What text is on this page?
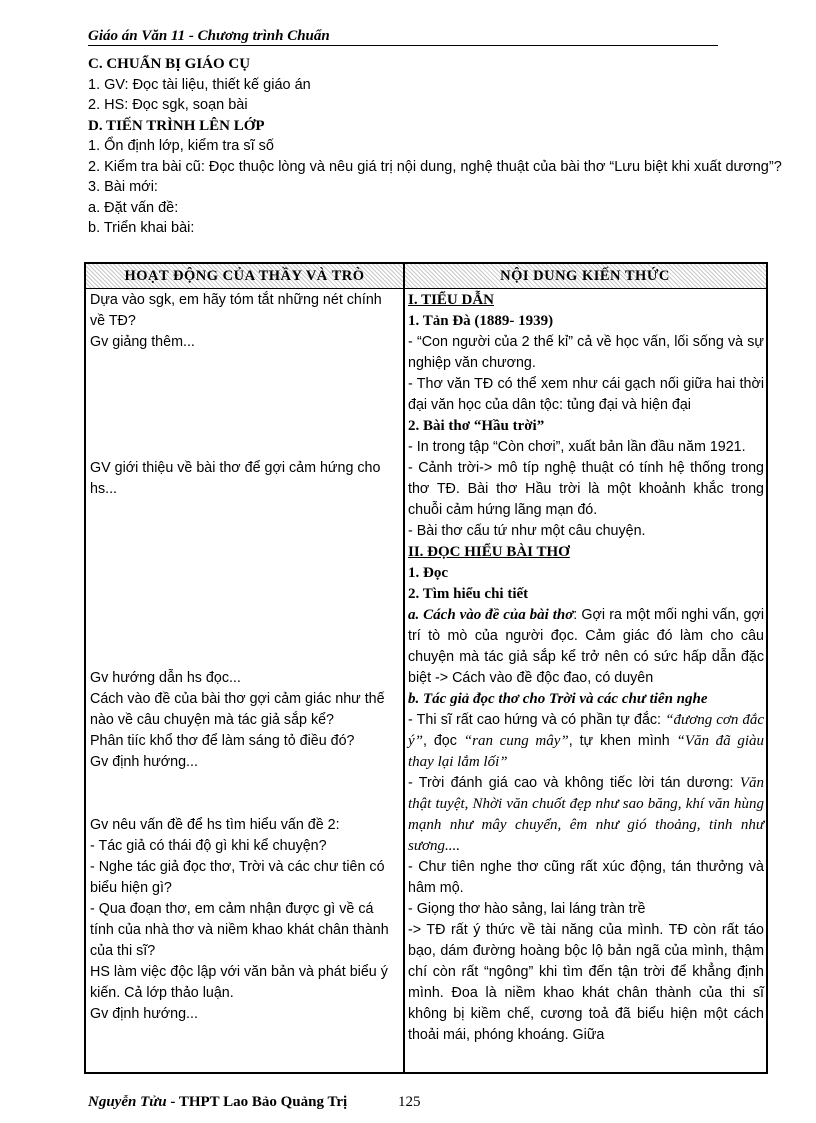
Giáo án Văn 11 - Chương trình Chuẩn
C. CHUẨN BỊ GIÁO CỤ
1. GV: Đọc tài liệu, thiết kế giáo án
2. HS: Đọc sgk, soạn bài
D. TIẾN TRÌNH LÊN LỚP
1. Ổn định lớp, kiểm tra sĩ số
2. Kiểm tra bài cũ: Đọc thuộc lòng và nêu giá trị nội dung, nghệ thuật của bài thơ “Lưu biệt khi xuất dương”?
3. Bài mới:
a. Đặt vấn đề:
b. Triển khai bài:
HOẠT ĐỘNG CỦA THẦY VÀ TRÒ	NỘI DUNG KIẾN THỨC
Dựa vào sgk, em hãy tóm tắt những nét chính về TĐ?
Gv giảng thêm...
GV giới thiệu về bài thơ để gợi cảm hứng cho hs...
Gv hướng dẫn hs đọc...
Cách vào đề của bài thơ gợi cảm giác như thế nào về câu chuyện mà tác giả sắp kể?
Phân tiíc khổ thơ để làm sáng tỏ điều đó?
Gv định hướng...
Gv nêu vấn đề để hs tìm hiểu vấn đề 2:
- Tác giả có thái độ gì khi kể chuyện?
- Nghe tác giả đọc thơ, Trời và các chư tiên có biểu hiện gì?
- Qua đoạn thơ, em cảm nhận được gì về cá tính của nhà thơ và niềm khao khát chân thành của thi sĩ?
HS làm việc độc lập với văn bản và phát biểu ý kiến. Cả lớp thảo luận.
Gv định hướng...
I. TIỂU DẪN
1. Tản Đà (1889- 1939)
- “Con người của 2 thế kỉ” cả về học vấn, lối sống và sự nghiệp văn chương.
- Thơ văn TĐ có thể xem như cái gạch nối giữa hai thời đại văn học của dân tộc: tủng đại và hiện đại
2. Bài thơ “Hầu trời”
- In trong tập “Còn chơi”, xuất bản lần đầu năm 1921.
- Cảnh trời-> mô típ nghệ thuật có tính hệ thống trong thơ TĐ. Bài thơ Hầu trời là một khoảnh khắc trong chuỗi cảm hứng lãng mạn đó.
- Bài thơ cấu tứ như một câu chuyện.
II. ĐỌC HIỂU BÀI THƠ
1. Đọc
2. Tìm hiểu chi tiết
a. Cách vào đề của bài thơ: Gợi ra một mối nghi vấn, gợi trí tò mò của người đọc. Cảm giác đó làm cho câu chuyện mà tác giả sắp kể trở nên có sức hấp dẫn đặc biệt -> Cách vào đề độc đao, có duyên
b. Tác giả đọc thơ cho Trời và các chư tiên nghe
- Thi sĩ rất cao hứng và có phần tự đắc: “đương cơn đắc ý”, đọc “ran cung mây”, tự khen mình “Văn đã giàu thay lại lắm lối”
- Trời đánh giá cao và không tiếc lời tán dương: Văn thật tuyệt, Nhời văn chuốt đẹp như sao băng, khí văn hùng mạnh như mây chuyển, êm như gió thoảng, tinh như sương....
- Chư tiên nghe thơ cũng rất xúc động, tán thưởng và hâm mộ.
- Giọng thơ hào sảng, lai láng tràn trề
-> TĐ rất ý thức về tài năng của mình. TĐ còn rất táo bạo, dám đường hoàng bộc lộ bản ngã của mình, thậm chí còn rất “ngông” khi tìm đến tận trời để khẳng định mình. Đoa là niềm khao khát chân thành của thi sĩ không bị kiềm chế, cương toả đã biểu hiện một cách thoải mái, phóng khoáng. Giữa
Nguyễn Tửu - THPT Lao Bảo Quảng Trị	125
